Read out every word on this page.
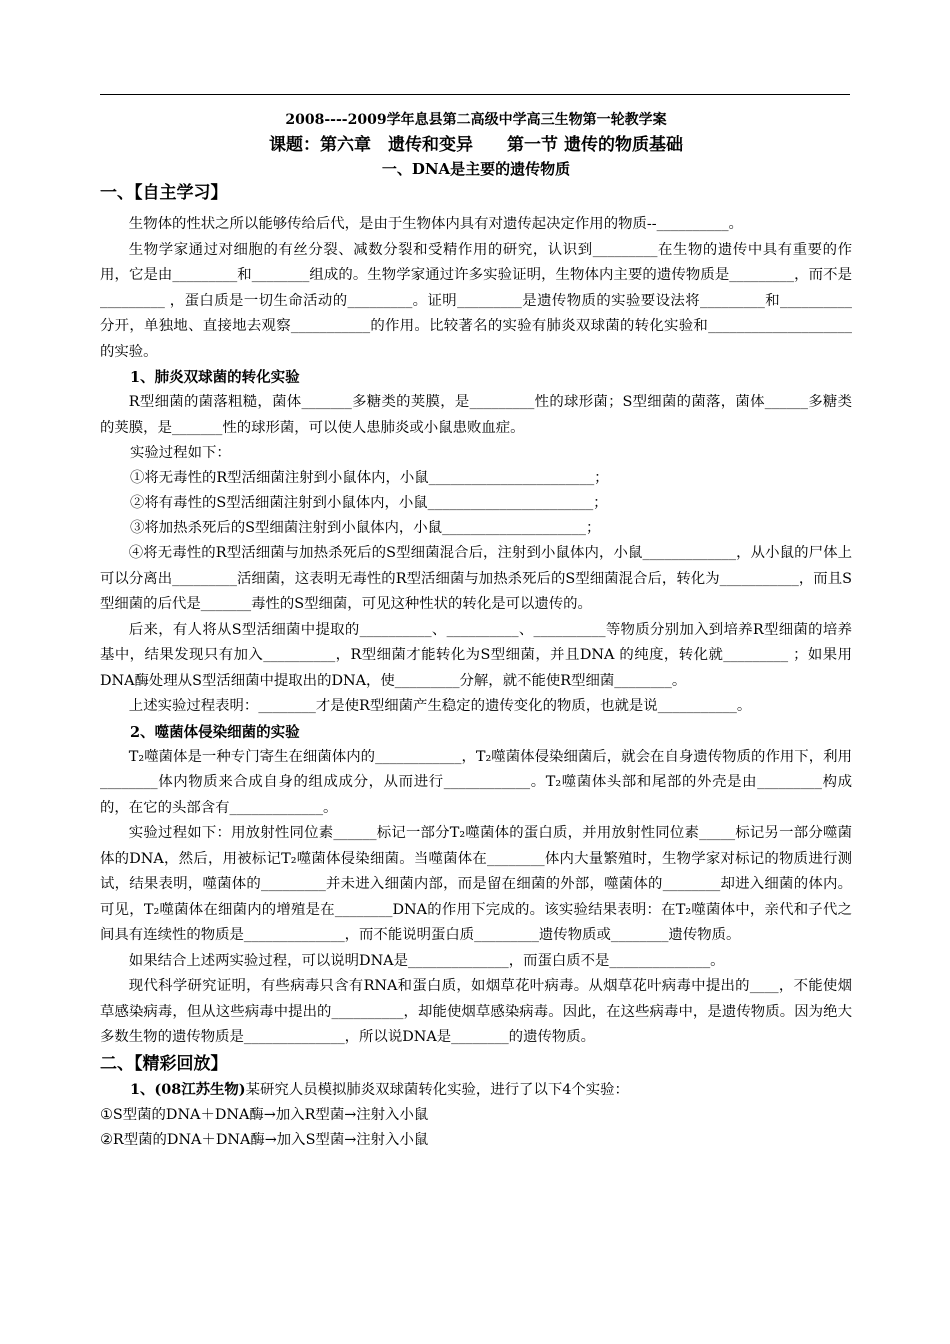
2008----2009学年息县第二高级中学高三生物第一轮教学案
课题：第六章　遗传和变异　　第一节 遗传的物质基础
一、DNA是主要的遗传物质
一、【自主学习】

生物体的性状之所以能够传给后代，是由于生物体内具有对遗传起决定作用的物质--__________。

生物学家通过对细胞的有丝分裂、减数分裂和受精作用的研究，认识到_________在生物的遗传中具有重要的作用，它是由_________和________组成的。生物学家通过许多实验证明，生物体内主要的遗传物质是_________，而不是_________ ，蛋白质是一切生命活动的_________。证明_________是遗传物质的实验要设法将_________和__________分开，单独地、直接地去观察___________的作用。比较著名的实验有肺炎双球菌的转化实验和____________________的实验。

1、肺炎双球菌的转化实验

R型细菌的菌落粗糙，菌体_______多糖类的荚膜，是_________性的球形菌；S型细菌的菌落，菌体______多糖类的荚膜，是_______性的球形菌，可以使人患肺炎或小鼠患败血症。

实验过程如下：
①将无毒性的R型活细菌注射到小鼠体内，小鼠_______________________；
②将有毒性的S型活细菌注射到小鼠体内，小鼠_______________________；
③将加热杀死后的S型细菌注射到小鼠体内，小鼠____________________；

④将无毒性的R型活细菌与加热杀死后的S型细菌混合后，注射到小鼠体内，小鼠_____________，从小鼠的尸体上可以分离出_________活细菌，这表明无毒性的R型活细菌与加热杀死后的S型细菌混合后，转化为___________，而且S型细菌的后代是_______毒性的S型细菌，可见这种性状的转化是可以遗传的。

后来，有人将从S型活细菌中提取的__________、__________、__________等物质分别加入到培养R型细菌的培养基中，结果发现只有加入__________，R型细菌才能转化为S型细菌，并且DNA 的纯度，转化就_________ ；如果用DNA酶处理从S型活细菌中提取出的DNA，使_________分解，就不能使R型细菌________。

上述实验过程表明：________才是使R型细菌产生稳定的遗传变化的物质，也就是说___________。

2、噬菌体侵染细菌的实验

T₂噬菌体是一种专门寄生在细菌体内的____________，T₂噬菌体侵染细菌后，就会在自身遗传物质的作用下，利用________体内物质来合成自身的组成成分，从而进行____________。T₂噬菌体头部和尾部的外壳是由_________构成的，在它的头部含有_____________。

实验过程如下：用放射性同位素______标记一部分T₂噬菌体的蛋白质，并用放射性同位素_____标记另一部分噬菌体的DNA，然后，用被标记T₂噬菌体侵染细菌。当噬菌体在________体内大量繁殖时，生物学家对标记的物质进行测试，结果表明，噬菌体的_________并未进入细菌内部，而是留在细菌的外部，噬菌体的________却进入细菌的体内。可见，T₂噬菌体在细菌内的增殖是在________DNA的作用下完成的。该实验结果表明：在T₂噬菌体中，亲代和子代之间具有连续性的物质是______________，而不能说明蛋白质_________遗传物质或________遗传物质。

如果结合上述两实验过程，可以说明DNA是______________，而蛋白质不是______________。

现代科学研究证明，有些病毒只含有RNA和蛋白质，如烟草花叶病毒。从烟草花叶病毒中提出的____，不能使烟草感染病毒，但从这些病毒中提出的__________，却能使烟草感染病毒。因此，在这些病毒中，是遗传物质。因为绝大多数生物的遗传物质是______________，所以说DNA是________的遗传物质。

二、【精彩回放】
1、(08江苏生物)某研究人员模拟肺炎双球菌转化实验，进行了以下4个实验：
①S型菌的DNA＋DNA酶→加入R型菌→注射入小鼠
②R型菌的DNA＋DNA酶→加入S型菌→注射入小鼠
